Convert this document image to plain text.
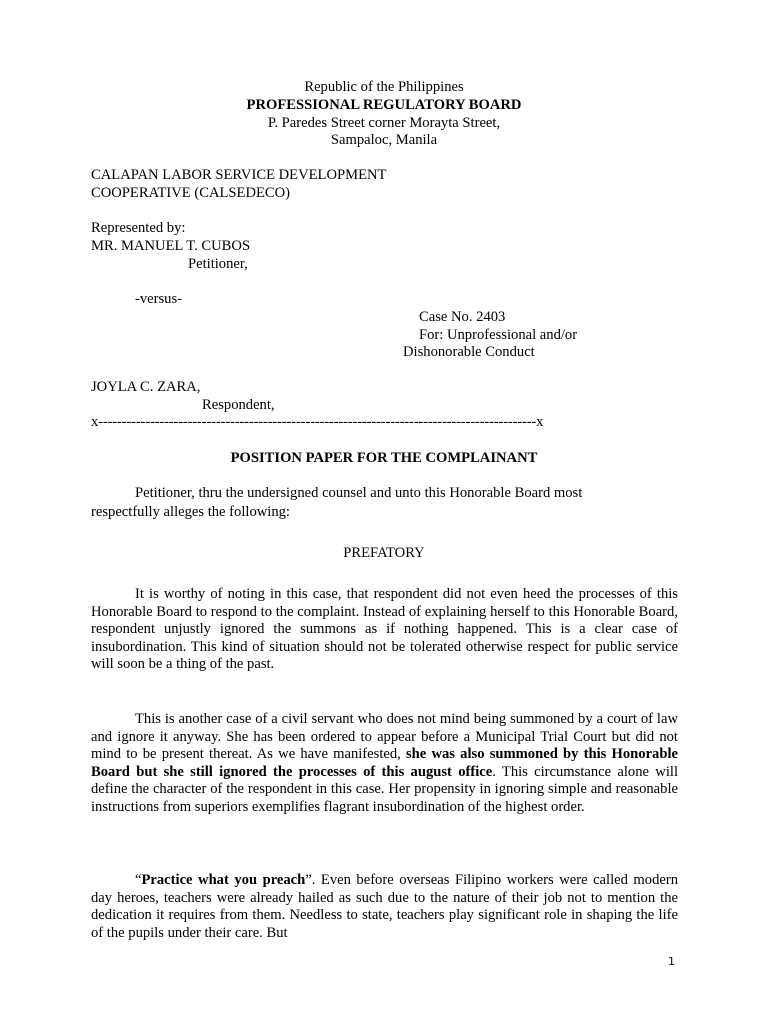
Republic of the Philippines
PROFESSIONAL REGULATORY BOARD
P. Paredes Street corner Morayta Street,
Sampaloc, Manila
CALAPAN LABOR SERVICE DEVELOPMENT
COOPERATIVE (CALSEDECO)
Represented by:
MR. MANUEL T. CUBOS
Petitioner,
-versus-
Case No. 2403
For: Unprofessional and/or
Dishonorable Conduct
JOYLA C. ZARA,
Respondent,
x---------------------------------------------------------------------------------------------x
POSITION PAPER FOR THE COMPLAINANT
Petitioner, thru the undersigned counsel and unto this Honorable Board most
respectfully alleges the following:
PREFATORY

It is worthy of noting in this case, that respondent did not even heed the processes of this Honorable Board to respond to the complaint. Instead of explaining herself to this Honorable Board, respondent unjustly ignored the summons as if nothing happened. This is a clear case of insubordination. This kind of situation should not be tolerated otherwise respect for public service will soon be a thing of the past.

This is another case of a civil servant who does not mind being summoned by a court of law and ignore it anyway. She has been ordered to appear before a Municipal Trial Court but did not mind to be present thereat. As we have manifested, she was also summoned by this Honorable Board but she still ignored the processes of this august office. This circumstance alone will define the character of the respondent in this case. Her propensity in ignoring simple and reasonable instructions from superiors exemplifies flagrant insubordination of the highest order.

“Practice what you preach”. Even before overseas Filipino workers were called modern day heroes, teachers were already hailed as such due to the nature of their job not to mention the dedication it requires from them. Needless to state, teachers play significant role in shaping the life of the pupils under their care. But

1
